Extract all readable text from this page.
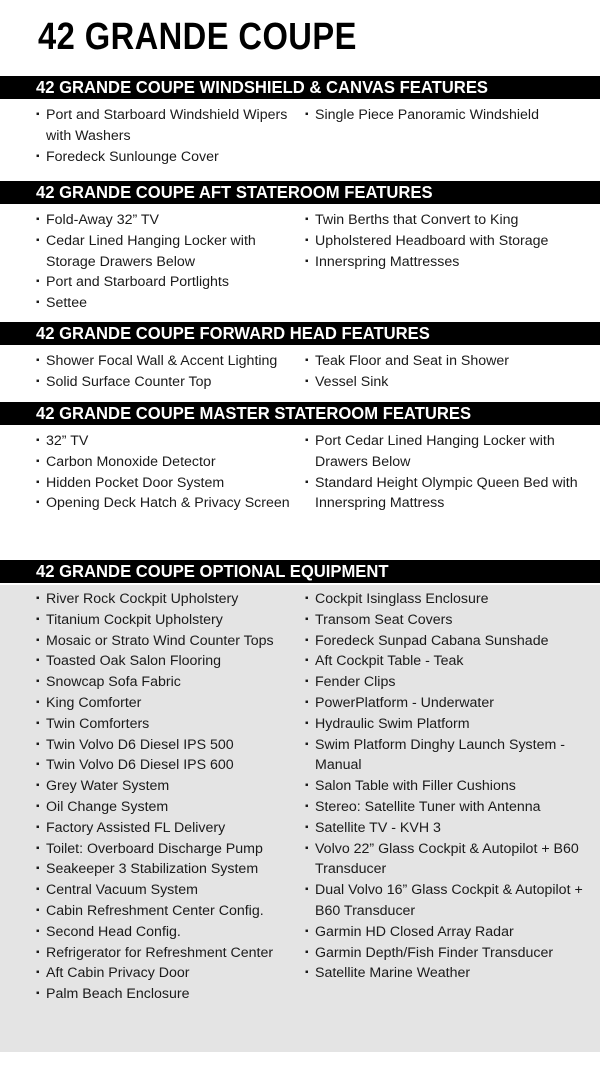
42 GRANDE COUPE
42 GRANDE COUPE WINDSHIELD & CANVAS FEATURES
▪ Port and Starboard Windshield Wipers with Washers
▪ Foredeck Sunlounge Cover
▪ Single Piece Panoramic Windshield
42 GRANDE COUPE AFT STATEROOM FEATURES
▪ Fold-Away 32” TV
▪ Cedar Lined Hanging Locker with Storage Drawers Below
▪ Port and Starboard Portlights
▪ Settee
▪ Twin Berths that Convert to King
▪ Upholstered Headboard with Storage
▪ Innerspring Mattresses
42 GRANDE COUPE FORWARD HEAD FEATURES
▪ Shower Focal Wall & Accent Lighting
▪ Solid Surface Counter Top
▪ Teak Floor and Seat in Shower
▪ Vessel Sink
42 GRANDE COUPE MASTER STATEROOM FEATURES
▪ 32” TV
▪ Carbon Monoxide Detector
▪ Hidden Pocket Door System
▪ Opening Deck Hatch & Privacy Screen
▪ Port Cedar Lined Hanging Locker with Drawers Below
▪ Standard Height Olympic Queen Bed with Innerspring Mattress
42 GRANDE COUPE OPTIONAL EQUIPMENT
▪ River Rock Cockpit Upholstery
▪ Titanium Cockpit Upholstery
▪ Mosaic or Strato Wind Counter Tops
▪ Toasted Oak Salon Flooring
▪ Snowcap Sofa Fabric
▪ King Comforter
▪ Twin Comforters
▪ Twin Volvo D6 Diesel IPS 500
▪ Twin Volvo D6 Diesel IPS 600
▪ Grey Water System
▪ Oil Change System
▪ Factory Assisted FL Delivery
▪ Toilet: Overboard Discharge Pump
▪ Seakeeper 3 Stabilization System
▪ Central Vacuum System
▪ Cabin Refreshment Center Config.
▪ Second Head Config.
▪ Refrigerator for Refreshment Center
▪ Aft Cabin Privacy Door
▪ Palm Beach Enclosure
▪ Cockpit Isinglass Enclosure
▪ Transom Seat Covers
▪ Foredeck Sunpad Cabana Sunshade
▪ Aft Cockpit Table - Teak
▪ Fender Clips
▪ PowerPlatform - Underwater
▪ Hydraulic Swim Platform
▪ Swim Platform Dinghy Launch System - Manual
▪ Salon Table with Filler Cushions
▪ Stereo: Satellite Tuner with Antenna
▪ Satellite TV - KVH 3
▪ Volvo 22” Glass Cockpit & Autopilot + B60 Transducer
▪ Dual Volvo 16” Glass Cockpit & Autopilot + B60 Transducer
▪ Garmin HD Closed Array Radar
▪ Garmin Depth/Fish Finder Transducer
▪ Satellite Marine Weather
